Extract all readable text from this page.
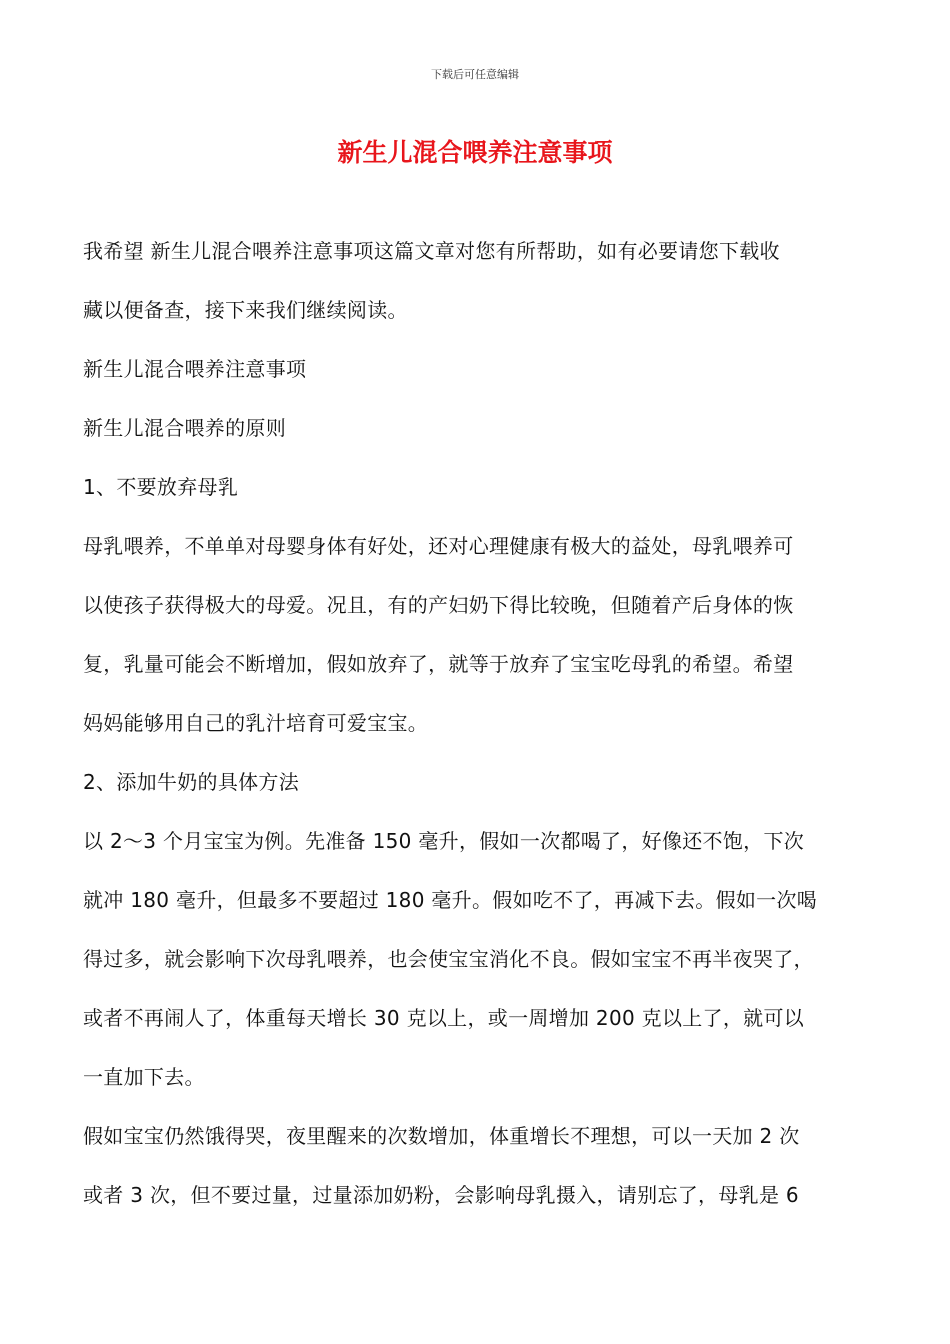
下载后可任意编辑
新生儿混合喂养注意事项

我希望 新生儿混合喂养注意事项这篇文章对您有所帮助，如有必要请您下载收

藏以便备查，接下来我们继续阅读。

新生儿混合喂养注意事项

新生儿混合喂养的原则

1、不要放弃母乳

母乳喂养，不单单对母婴身体有好处，还对心理健康有极大的益处，母乳喂养可

以使孩子获得极大的母爱。况且，有的产妇奶下得比较晚，但随着产后身体的恢

复，乳量可能会不断增加，假如放弃了，就等于放弃了宝宝吃母乳的希望。希望

妈妈能够用自己的乳汁培育可爱宝宝。

2、添加牛奶的具体方法

以 2～3 个月宝宝为例。先准备 150 毫升，假如一次都喝了，好像还不饱，下次

就冲 180 毫升，但最多不要超过 180 毫升。假如吃不了，再减下去。假如一次喝

得过多，就会影响下次母乳喂养，也会使宝宝消化不良。假如宝宝不再半夜哭了，

或者不再闹人了，体重每天增长 30 克以上，或一周增加 200 克以上了，就可以

一直加下去。

假如宝宝仍然饿得哭，夜里醒来的次数增加，体重增长不理想，可以一天加 2 次

或者 3 次，但不要过量，过量添加奶粉，会影响母乳摄入，请别忘了，母乳是 6
